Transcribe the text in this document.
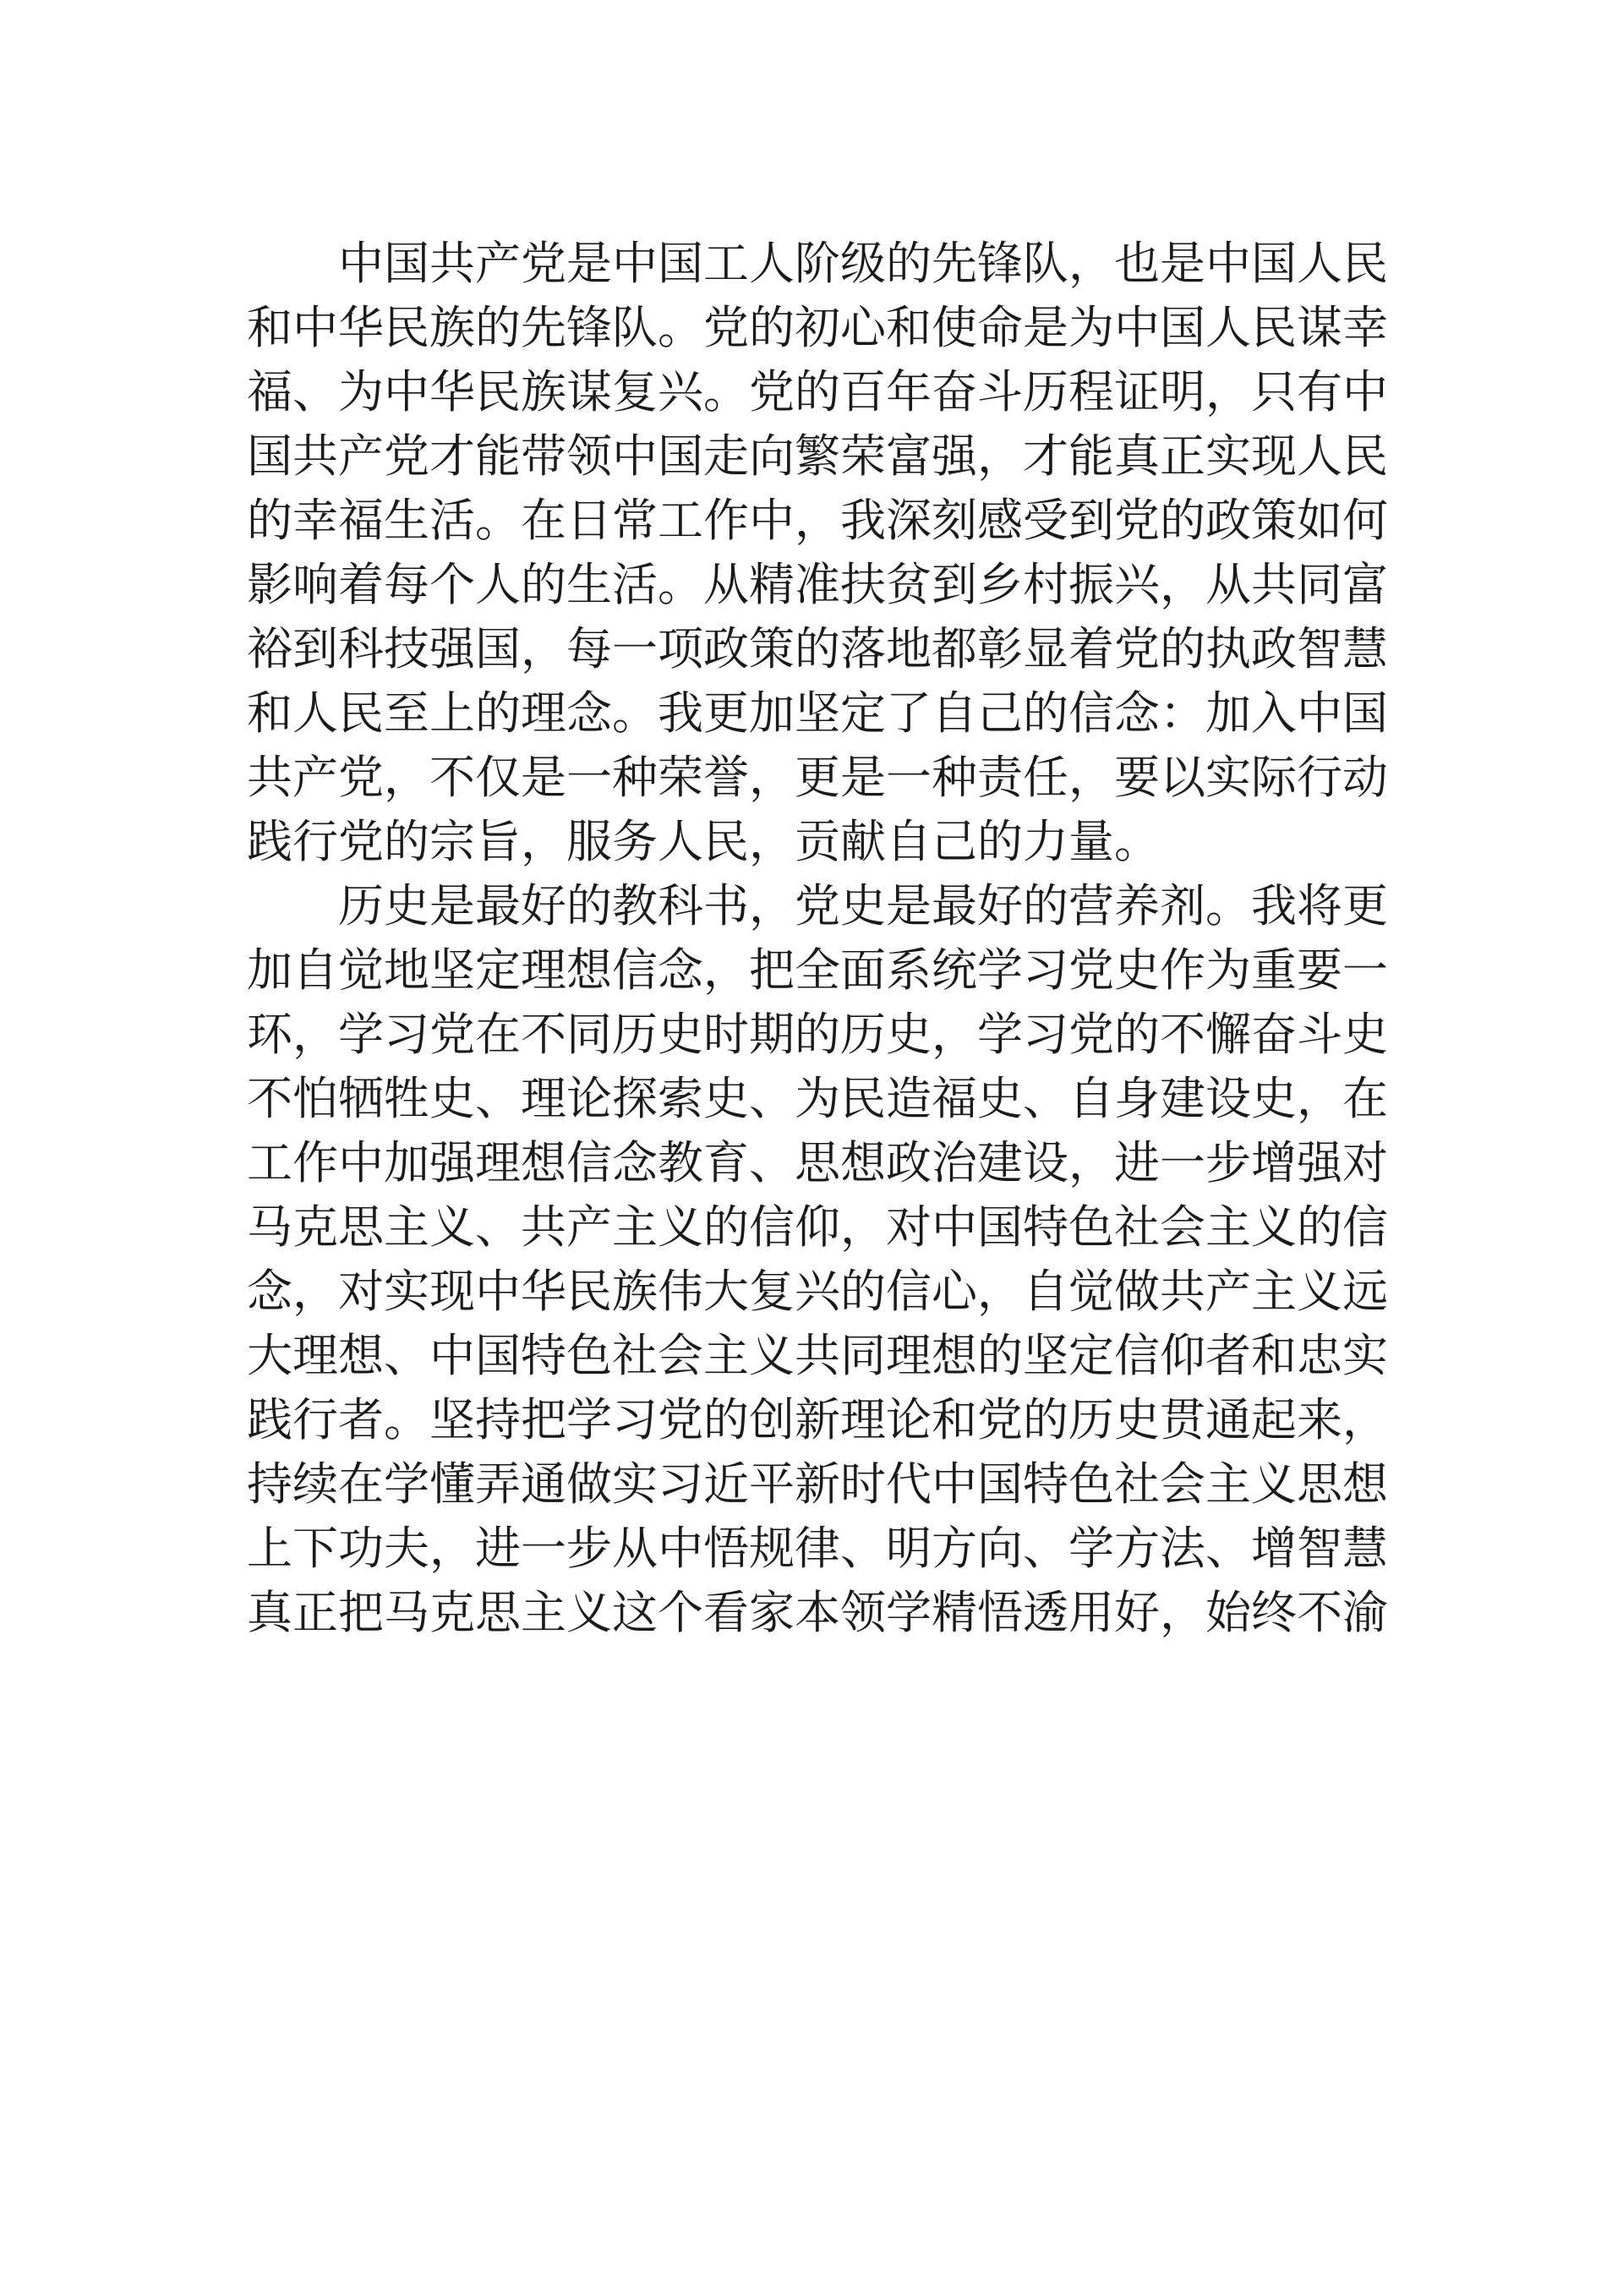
中 国 共 产 党 是 中 国 工 人 阶 级 的 先 锋 队 ， 也 是 中 国 人 民
和 中 华 民 族 的 先 锋 队 。 党 的 初 心 和 使 命 是 为 中 国 人 民 谋 幸
福 、 为 中 华 民 族 谋 复 兴 。 党 的 百 年 奋 斗 历 程 证 明 ， 只 有 中
国 共 产 党 才 能 带 领 中 国 走 向 繁 荣 富 强 ， 才 能 真 正 实 现 人 民
的 幸 福 生 活 。 在 日 常 工 作 中 ， 我 深 刻 感 受 到 党 的 政 策 如 何
影 响 着 每 个 人 的 生 活 。 从 精 准 扶 贫 到 乡 村 振 兴 ， 从 共 同 富
裕 到 科 技 强 国 ， 每 一 项 政 策 的 落 地 都 彰 显 着 党 的 执 政 智 慧
和 人 民 至 上 的 理 念 。 我 更 加 坚 定 了 自 己 的 信 念 ： 加 入 中 国
共 产 党 ， 不 仅 是 一 种 荣 誉 ， 更 是 一 种 责 任 ， 要 以 实 际 行 动
践行党的宗旨，服务人民，贡献自己的力量。
历 史 是 最 好 的 教 科 书 ， 党 史 是 最 好 的 营 养 剂 。 我 将 更
加 自 觉 地 坚 定 理 想 信 念 ， 把 全 面 系 统 学 习 党 史 作 为 重 要 一
环 ， 学 习 党 在 不 同 历 史 时 期 的 历 史 ， 学 习 党 的 不 懈 奋 斗 史
不 怕 牺 牲 史 、 理 论 探 索 史 、 为 民 造 福 史 、 自 身 建 设 史 ， 在
工 作 中 加 强 理 想 信 念 教 育 、 思 想 政 治 建 设 ， 进 一 步 增 强 对
马 克 思 主 义 、 共 产 主 义 的 信 仰 ， 对 中 国 特 色 社 会 主 义 的 信
念 ， 对 实 现 中 华 民 族 伟 大 复 兴 的 信 心 ， 自 觉 做 共 产 主 义 远
大 理 想 、 中 国 特 色 社 会 主 义 共 同 理 想 的 坚 定 信 仰 者 和 忠 实
践 行 者 。 坚 持 把 学 习 党 的 创 新 理 论 和 党 的 历 史 贯 通 起 来 ，
持 续 在 学 懂 弄 通 做 实 习 近 平 新 时 代 中 国 特 色 社 会 主 义 思 想
上 下 功 夫 ， 进 一 步 从 中 悟 规 律 、 明 方 向 、 学 方 法 、 增 智 慧
真 正 把 马 克 思 主 义 这 个 看 家 本 领 学 精 悟 透 用 好 ， 始 终 不 渝
